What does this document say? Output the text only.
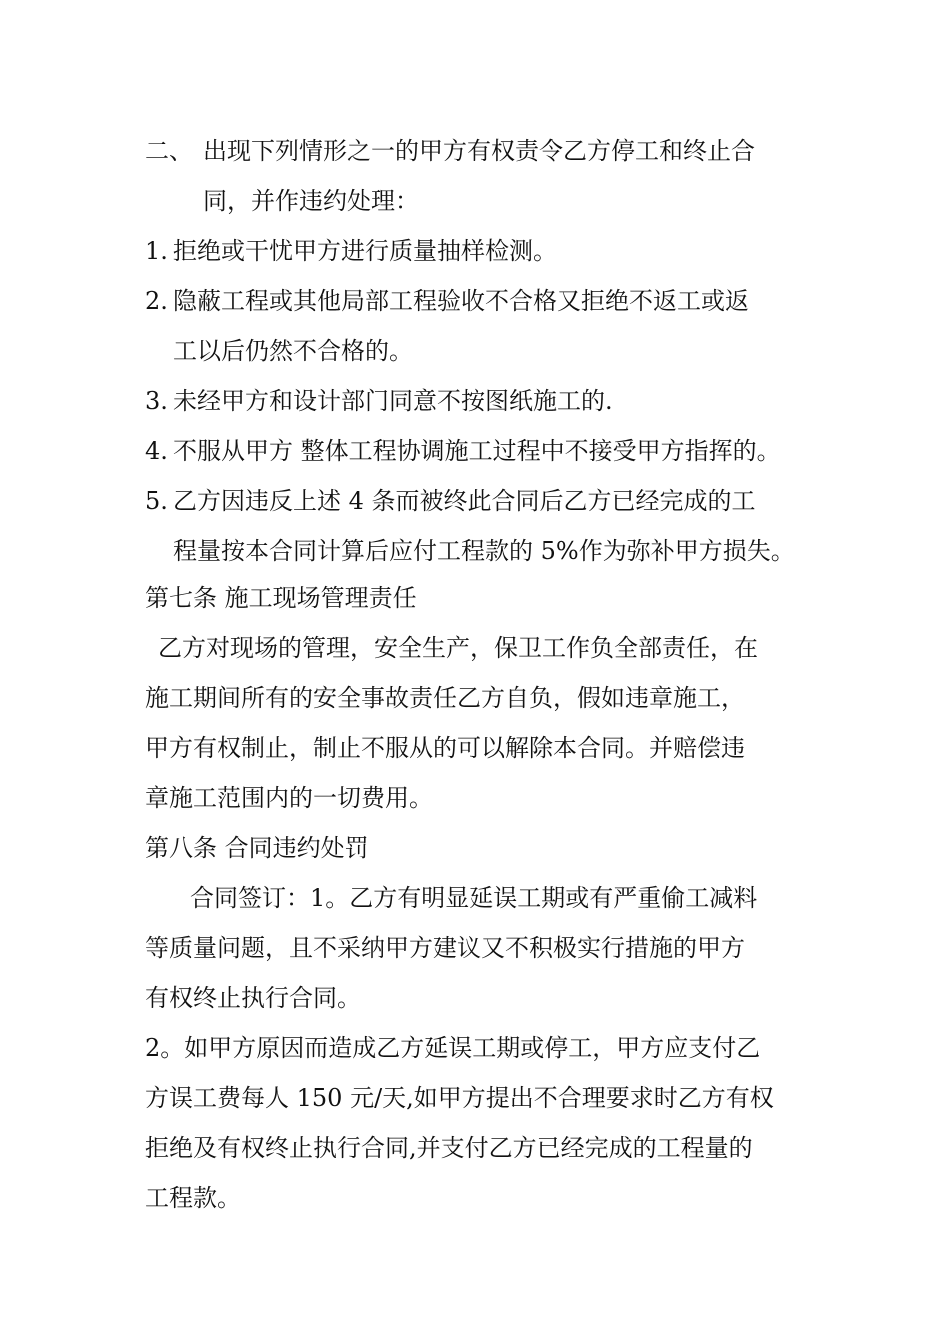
二、 出现下列情形之一的甲方有权责令乙方停工和终止合
同，并作违约处理：
1. 拒绝或干忧甲方进行质量抽样检测。
2. 隐蔽工程或其他局部工程验收不合格又拒绝不返工或返
工以后仍然不合格的。
3. 未经甲方和设计部门同意不按图纸施工的.
4. 不服从甲方 整体工程协调施工过程中不接受甲方指挥的。
5. 乙方因违反上述 4 条而被终此合同后乙方已经完成的工
程量按本合同计算后应付工程款的 5%作为弥补甲方损失。
第七条 施工现场管理责任
乙方对现场的管理，安全生产，保卫工作负全部责任，在
施工期间所有的安全事故责任乙方自负，假如违章施工，
甲方有权制止，制止不服从的可以解除本合同。并赔偿违
章施工范围内的一切费用。
第八条 合同违约处罚
合同签订：1。乙方有明显延误工期或有严重偷工减料
等质量问题，且不采纳甲方建议又不积极实行措施的甲方
有权终止执行合同。
2。如甲方原因而造成乙方延误工期或停工，甲方应支付乙
方误工费每人 150 元/天,如甲方提出不合理要求时乙方有权
拒绝及有权终止执行合同,并支付乙方已经完成的工程量的
工程款。
